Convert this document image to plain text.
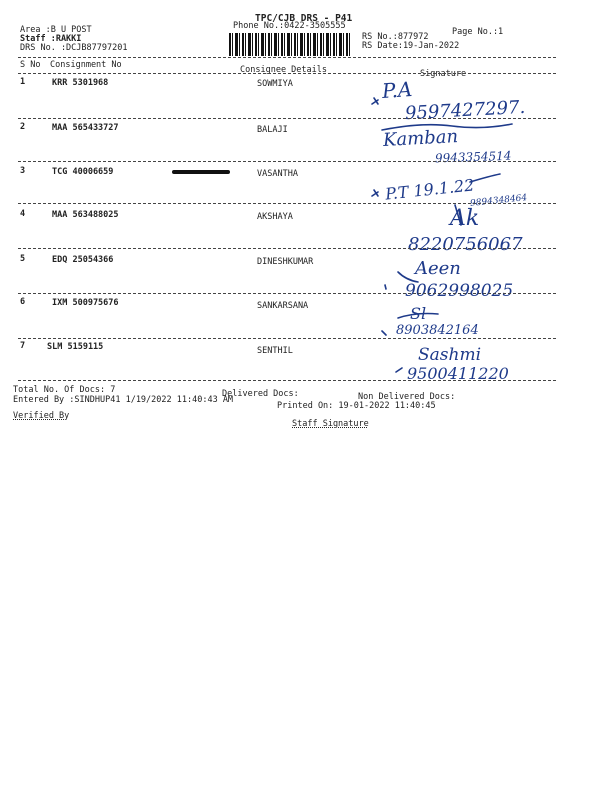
TPC/CJB DRS - P41
Phone No.:0422-3505555
Area :B U POST
Staff :RAKKI
DRS No. :DCJB87797201
Page No.:1
RS No.:877972
RS Date:19-Jan-2022
S No Consignment No	Consignee Details	Signature
1	KRR 5301968	SOWMIYA	P.A
9597427297.
2	MAA 565433727	BALAJI	Kamban
9943354514
3	TCG 40006659	VASANTHA
P.T 19.1.22
9894348464
4	MAA 563488025	AKSHAYA	Ak
8220756067
5	EDQ 25054366	DINESHKUMAR	Aeen
9062998025
6	IXM 500975676	SANKARSANA	Sl
8903842164
7	SLM 5159115	SENTHIL	Sashmi
9500411220
Total No. Of Docs: 7	Delivered Docs:	Non Delivered Docs:
Entered By :SINDHUP41 1/19/2022 11:40:43 AM
Printed On: 19-01-2022 11:40:45
Verified By
Staff Signature
